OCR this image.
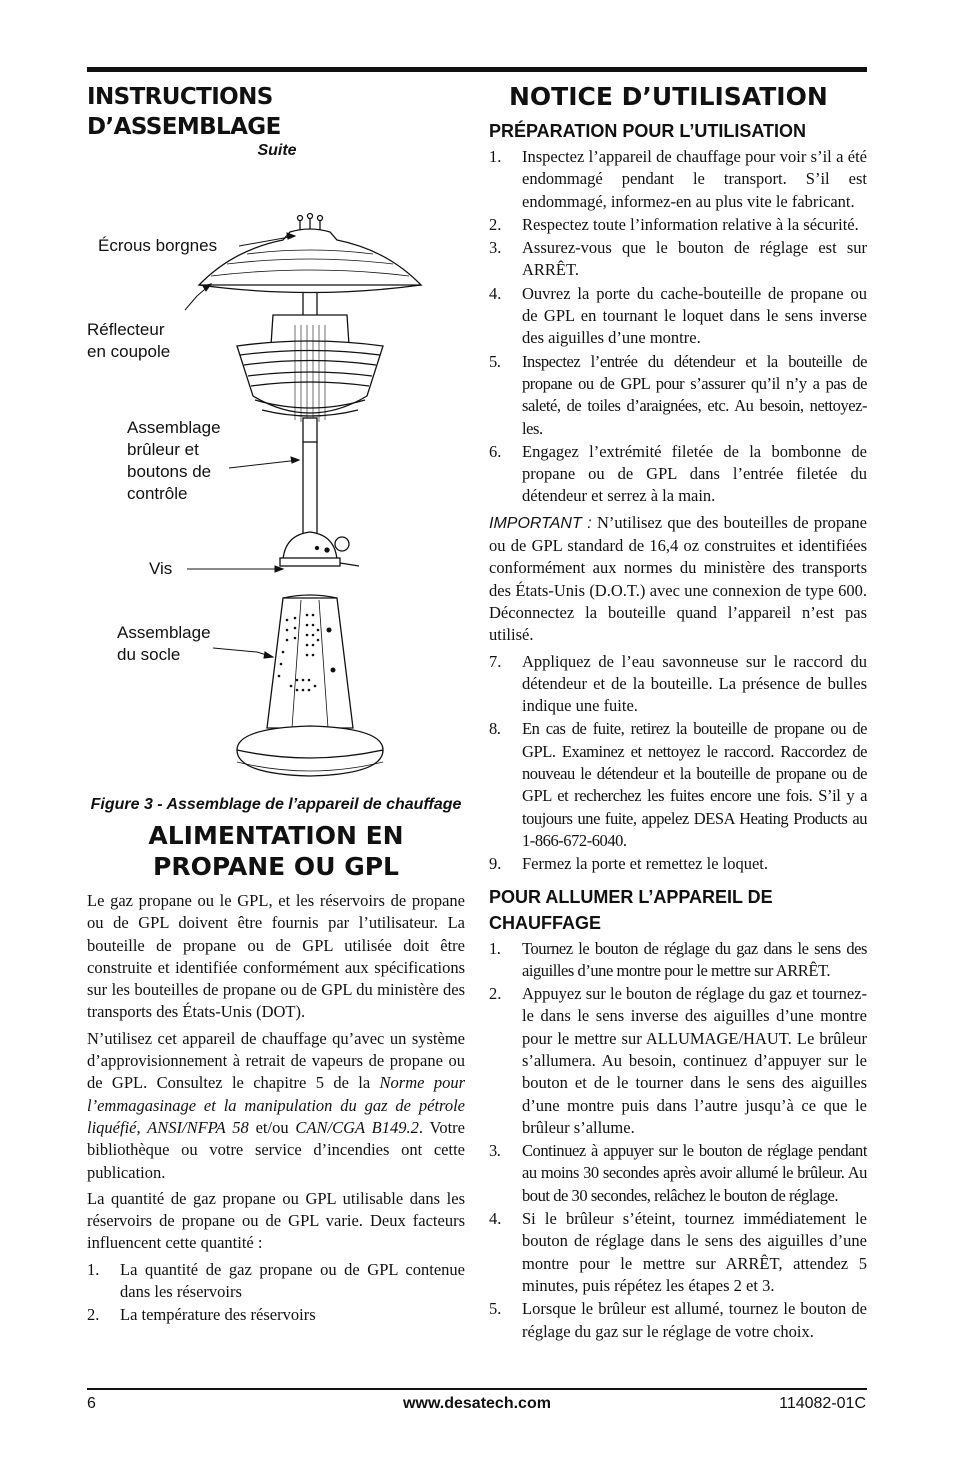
INSTRUCTIONS D’ASSEMBLAGE
Suite
Écrous borgnes
Réflecteur
en coupole
Assemblage
brûleur et
boutons de
contrôle
Vis
Assemblage
du socle
Figure 3 - Assemblage de l’appareil de chauffage
ALIMENTATION EN PROPANE OU GPL

Le gaz propane ou le GPL, et les réservoirs de propane ou de GPL doivent être fournis par l’utilisateur. La bouteille de propane ou de GPL utilisée doit être construite et identifiée conformément aux spécifications sur les bouteilles de propane ou de GPL du ministère des transports des États-Unis (DOT).

N’utilisez cet appareil de chauffage qu’avec un système d’approvisionnement à retrait de vapeurs de propane ou de GPL. Consultez le chapitre 5 de la Norme pour l’emmagasinage et la manipulation du gaz de pétrole liquéfié, ANSI/NFPA 58 et/ou CAN/CGA B149.2. Votre bibliothèque ou votre service d’incendies ont cette publication.

La quantité de gaz propane ou GPL utilisable dans les réservoirs de propane ou de GPL varie. Deux facteurs influencent cette quantité :

1. La quantité de gaz propane ou de GPL contenue dans les réservoirs
2. La température des réservoirs
NOTICE D’UTILISATION
PRÉPARATION POUR L’UTILISATION
1. Inspectez l’appareil de chauffage pour voir s’il a été endommagé pendant le transport. S’il est endommagé, informez-en au plus vite le fabricant.
2. Respectez toute l’information relative à la sécurité.
3. Assurez-vous que le bouton de réglage est sur ARRÊT.
4. Ouvrez la porte du cache-bouteille de propane ou de GPL en tournant le loquet dans le sens inverse des aiguilles d’une montre.
5. Inspectez l’entrée du détendeur et la bouteille de propane ou de GPL pour s’assurer qu’il n’y a pas de saleté, de toiles d’araignées, etc. Au besoin, nettoyez-les.
6. Engagez l’extrémité filetée de la bombonne de propane ou de GPL dans l’entrée filetée du détendeur et serrez à la main.

IMPORTANT : N’utilisez que des bouteilles de propane ou de GPL standard de 16,4 oz construites et identifiées conformément aux normes du ministère des transports des États-Unis (D.O.T.) avec une connexion de type 600. Déconnectez la bouteille quand l’appareil n’est pas utilisé.

7. Appliquez de l’eau savonneuse sur le raccord du détendeur et de la bouteille. La présence de bulles indique une fuite.
8. En cas de fuite, retirez la bouteille de propane ou de GPL. Examinez et nettoyez le raccord. Raccordez de nouveau le détendeur et la bouteille de propane ou de GPL et recherchez les fuites encore une fois. S’il y a toujours une fuite, appelez DESA Heating Products au 1-866-672-6040.
9. Fermez la porte et remettez le loquet.
POUR ALLUMER L’APPAREIL DE CHAUFFAGE
1. Tournez le bouton de réglage du gaz dans le sens des aiguilles d’une montre pour le mettre sur ARRÊT.
2. Appuyez sur le bouton de réglage du gaz et tournez-le dans le sens inverse des aiguilles d’une montre pour le mettre sur ALLUMAGE/HAUT. Le brûleur s’allumera. Au besoin, continuez d’appuyer sur le bouton et de le tourner dans le sens des aiguilles d’une montre puis dans l’autre jusqu’à ce que le brûleur s’allume.
3. Continuez à appuyer sur le bouton de réglage pendant au moins 30 secondes après avoir allumé le brûleur. Au bout de 30 secondes, relâchez le bouton de réglage.
4. Si le brûleur s’éteint, tournez immédiatement le bouton de réglage dans le sens des aiguilles d’une montre pour le mettre sur ARRÊT, attendez 5 minutes, puis répétez les étapes 2 et 3.
5. Lorsque le brûleur est allumé, tournez le bouton de réglage du gaz sur le réglage de votre choix.
6	www.desatech.com	114082-01C
